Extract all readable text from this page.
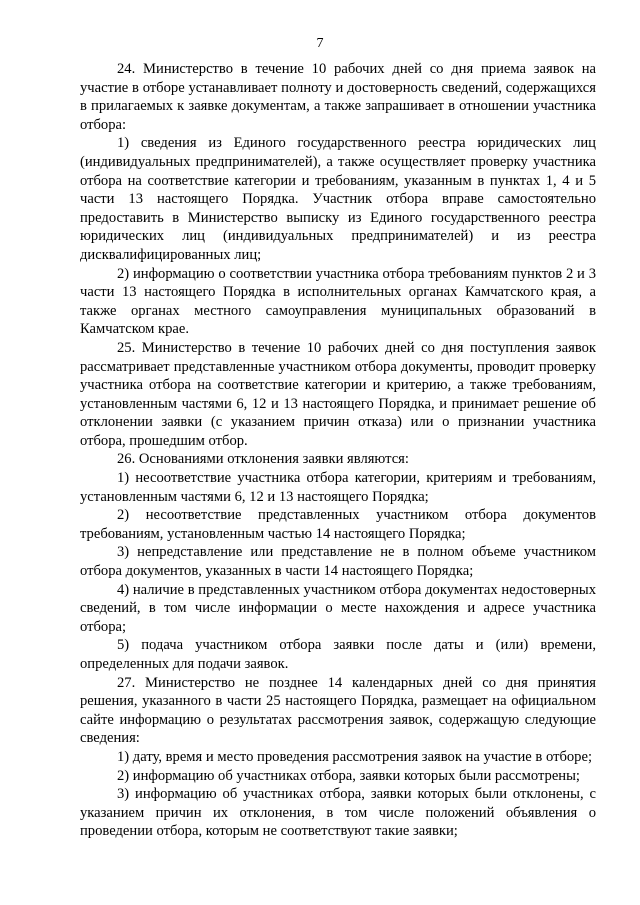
7

24. Министерство в течение 10 рабочих дней со дня приема заявок на участие в отборе устанавливает полноту и достоверность сведений, содержащихся в прилагаемых к заявке документам, а также запрашивает в отношении участника отбора:

1) сведения из Единого государственного реестра юридических лиц (индивидуальных предпринимателей), а также осуществляет проверку участника отбора на соответствие категории и требованиям, указанным в пунктах 1, 4 и 5 части 13 настоящего Порядка. Участник отбора вправе самостоятельно предоставить в Министерство выписку из Единого государственного реестра юридических лиц (индивидуальных предпринимателей) и из реестра дисквалифицированных лиц;

2) информацию о соответствии участника отбора требованиям пунктов 2 и 3 части 13 настоящего Порядка в исполнительных органах Камчатского края, а также органах местного самоуправления муниципальных образований в Камчатском крае.

25. Министерство в течение 10 рабочих дней со дня поступления заявок рассматривает представленные участником отбора документы, проводит проверку участника отбора на соответствие категории и критерию, а также требованиям, установленным частями 6, 12 и 13 настоящего Порядка, и принимает решение об отклонении заявки (с указанием причин отказа) или о признании участника отбора, прошедшим отбор.

26. Основаниями отклонения заявки являются:

1) несоответствие участника отбора категории, критериям и требованиям, установленным частями 6, 12 и 13 настоящего Порядка;

2) несоответствие представленных участником отбора документов требованиям, установленным частью 14 настоящего Порядка;

3) непредставление или представление не в полном объеме участником отбора документов, указанных в части 14 настоящего Порядка;

4) наличие в представленных участником отбора документах недостоверных сведений, в том числе информации о месте нахождения и адресе участника отбора;

5) подача участником отбора заявки после даты и (или) времени, определенных для подачи заявок.

27. Министерство не позднее 14 календарных дней со дня принятия решения, указанного в части 25 настоящего Порядка, размещает на официальном сайте информацию о результатах рассмотрения заявок, содержащую следующие сведения:

1) дату, время и место проведения рассмотрения заявок на участие в отборе;

2) информацию об участниках отбора, заявки которых были рассмотрены;

3) информацию об участниках отбора, заявки которых были отклонены, с указанием причин их отклонения, в том числе положений объявления о проведении отбора, которым не соответствуют такие заявки;
